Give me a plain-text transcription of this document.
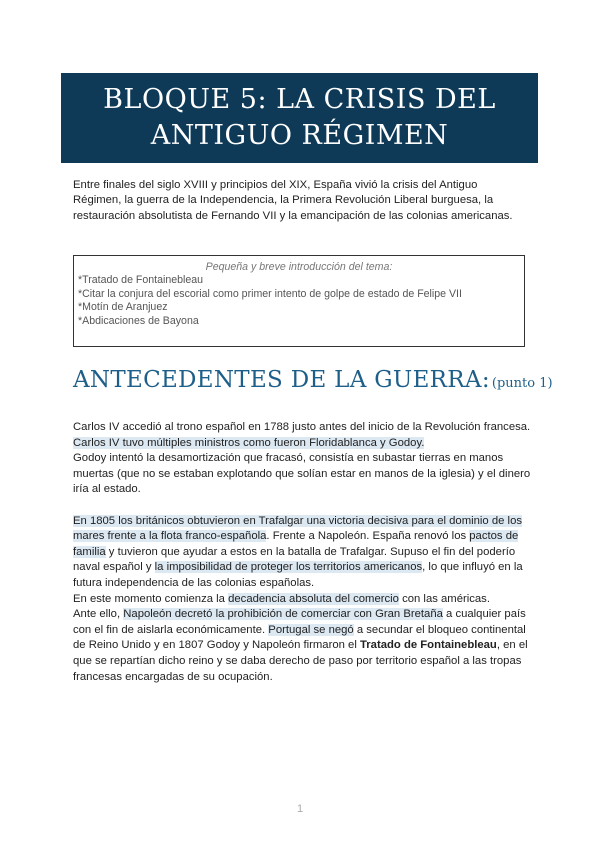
BLOQUE 5: LA CRISIS DEL
ANTIGUO RÉGIMEN

Entre finales del siglo XVIII y principios del XIX, España vivió la crisis del Antiguo Régimen, la guerra de la Independencia, la Primera Revolución Liberal burguesa, la restauración absolutista de Fernando VII y la emancipación de las colonias americanas.

Pequeña y breve introducción del tema:
*Tratado de Fontainebleau
*Citar la conjura del escorial como primer intento de golpe de estado de Felipe VII
*Motín de Aranjuez
*Abdicaciones de Bayona
ANTECEDENTES DE LA GUERRA: (punto 1)

Carlos IV accedió al trono español en 1788 justo antes del inicio de la Revolución francesa.

Carlos IV tuvo múltiples ministros como fueron Floridablanca y Godoy.

Godoy intentó la desamortización que fracasó, consistía en subastar tierras en manos muertas (que no se estaban explotando que solían estar en manos de la iglesia) y el dinero iría al estado.

En 1805 los británicos obtuvieron en Trafalgar una victoria decisiva para el dominio de los mares frente a la flota franco-española. Frente a Napoleón. España renovó los pactos de familia y tuvieron que ayudar a estos en la batalla de Trafalgar. Supuso el fin del poderío naval español y la imposibilidad de proteger los territorios americanos, lo que influyó en la futura independencia de las colonias españolas.

En este momento comienza la decadencia absoluta del comercio con las américas.

Ante ello, Napoleón decretó la prohibición de comerciar con Gran Bretaña a cualquier país con el fin de aislarla económicamente. Portugal se negó a secundar el bloqueo continental de Reino Unido y en 1807 Godoy y Napoleón firmaron el Tratado de Fontainebleau, en el que se repartían dicho reino y se daba derecho de paso por territorio español a las tropas francesas encargadas de su ocupación.

1
